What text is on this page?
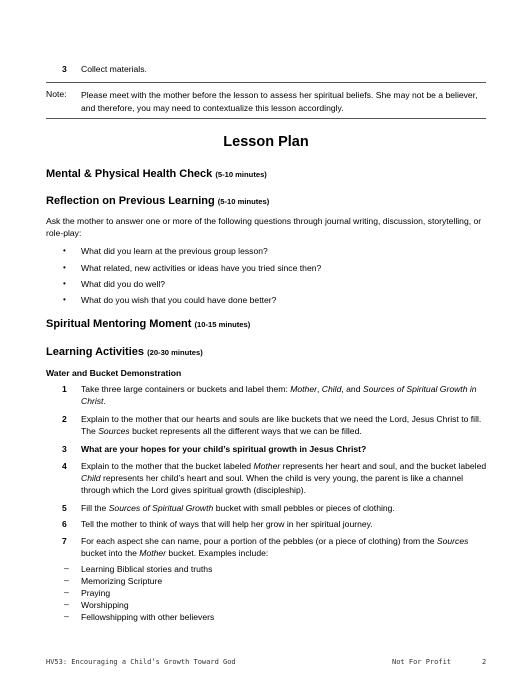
3 Collect materials.
Note: Please meet with the mother before the lesson to assess her spiritual beliefs. She may not be a believer, and therefore, you may need to contextualize this lesson accordingly.
Lesson Plan
Mental & Physical Health Check (5-10 minutes)
Reflection on Previous Learning (5-10 minutes)
Ask the mother to answer one or more of the following questions through journal writing, discussion, storytelling, or role-play:
• What did you learn at the previous group lesson?
• What related, new activities or ideas have you tried since then?
• What did you do well?
• What do you wish that you could have done better?
Spiritual Mentoring Moment (10-15 minutes)
Learning Activities (20-30 minutes)
Water and Bucket Demonstration
1 Take three large containers or buckets and label them: Mother, Child, and Sources of Spiritual Growth in Christ.
2 Explain to the mother that our hearts and souls are like buckets that we need the Lord, Jesus Christ to fill. The Sources bucket represents all the different ways that we can be filled.
3 What are your hopes for your child’s spiritual growth in Jesus Christ?
4 Explain to the mother that the bucket labeled Mother represents her heart and soul, and the bucket labeled Child represents her child’s heart and soul. When the child is very young, the parent is like a channel through which the Lord gives spiritual growth (discipleship).
5 Fill the Sources of Spiritual Growth bucket with small pebbles or pieces of clothing.
6 Tell the mother to think of ways that will help her grow in her spiritual journey.
7 For each aspect she can name, pour a portion of the pebbles (or a piece of clothing) from the Sources bucket into the Mother bucket. Examples include:
– Learning Biblical stories and truths
– Memorizing Scripture
– Praying
– Worshipping
– Fellowshipping with other believers
HV53: Encouraging a Child’s Growth Toward God	Not For Profit	2
